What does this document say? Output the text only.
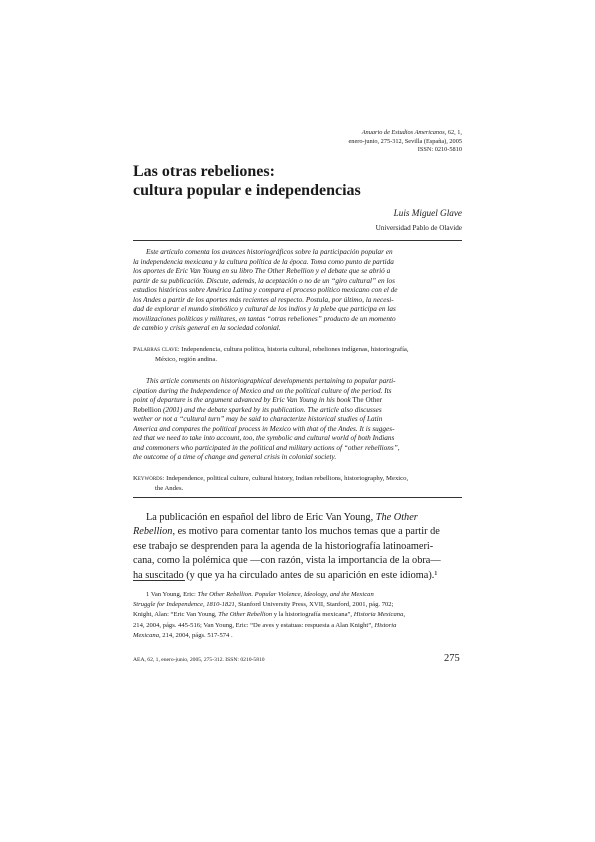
Anuario de Estudios Americanos, 62, 1,
enero-junio, 275-312, Sevilla (España), 2005
ISSN: 0210-5810
Las otras rebeliones:
cultura popular e independencias
Luis Miguel Glave
Universidad Pablo de Olavide
Este artículo comenta los avances historiográficos sobre la participación popular en
la independencia mexicana y la cultura política de la época. Toma como punto de partida
los aportes de Eric Van Young en su libro The Other Rebellion y el debate que se abrió a
partir de su publicación. Discute, además, la aceptación o no de un “giro cultural” en los
estudios históricos sobre América Latina y compara el proceso político mexicano con el de
los Andes a partir de los aportes más recientes al respecto. Postula, por último, la necesi-
dad de explorar el mundo simbólico y cultural de los indios y la plebe que participa en las
movilizaciones políticas y militares, en tantas “otras rebeliones” producto de un momento
de cambio y crisis general en la sociedad colonial.
Palabras clave: Independencia, cultura política, historia cultural, rebeliones indígenas, historiografía,
México, región andina.
This article comments on historiographical developments pertaining to popular parti-
cipation during the Independence of Mexico and on the political culture of the period. Its
point of departure is the argument advanced by Eric Van Young in his book The Other
Rebellion (2001) and the debate sparked by its publication. The article also discusses
wether or not a “cultural turn” may be said to characterize historical studies of Latin
America and compares the political process in Mexico with that of the Andes. It is sugges-
ted that we need to take into account, too, the symbolic and cultural world of both Indians
and commoners who participated in the political and military actions of “other rebellions”,
the outcome of a time of change and general crisis in colonial society.
Keywords: Independence, political culture, cultural history, Indian rebellions, historiography, Mexico,
the Andes.
La publicación en español del libro de Eric Van Young, The Other
Rebellion, es motivo para comentar tanto los muchos temas que a partir de
ese trabajo se desprenden para la agenda de la historiografía latinoameri-
cana, como la polémica que —con razón, vista la importancia de la obra—
ha suscitado (y que ya ha circulado antes de su aparición en este idioma).¹
1 Van Young, Eric: The Other Rebellion. Popular Violence, Ideology, and the Mexican
Struggle for Independence, 1810-1821, Stanford University Press, XVII, Stanford, 2001, pág. 702;
Knight, Alan: “Eric Van Young, The Other Rebellion y la historiografía mexicana”, Historia Mexicana,
214, 2004, págs. 445-516; Van Young, Eric: “De aves y estatuas: respuesta a Alan Knight”, Historia
Mexicana, 214, 2004, págs. 517-574 .
AEA, 62, 1, enero-junio, 2005, 275-312. ISSN: 0210-5810	275
